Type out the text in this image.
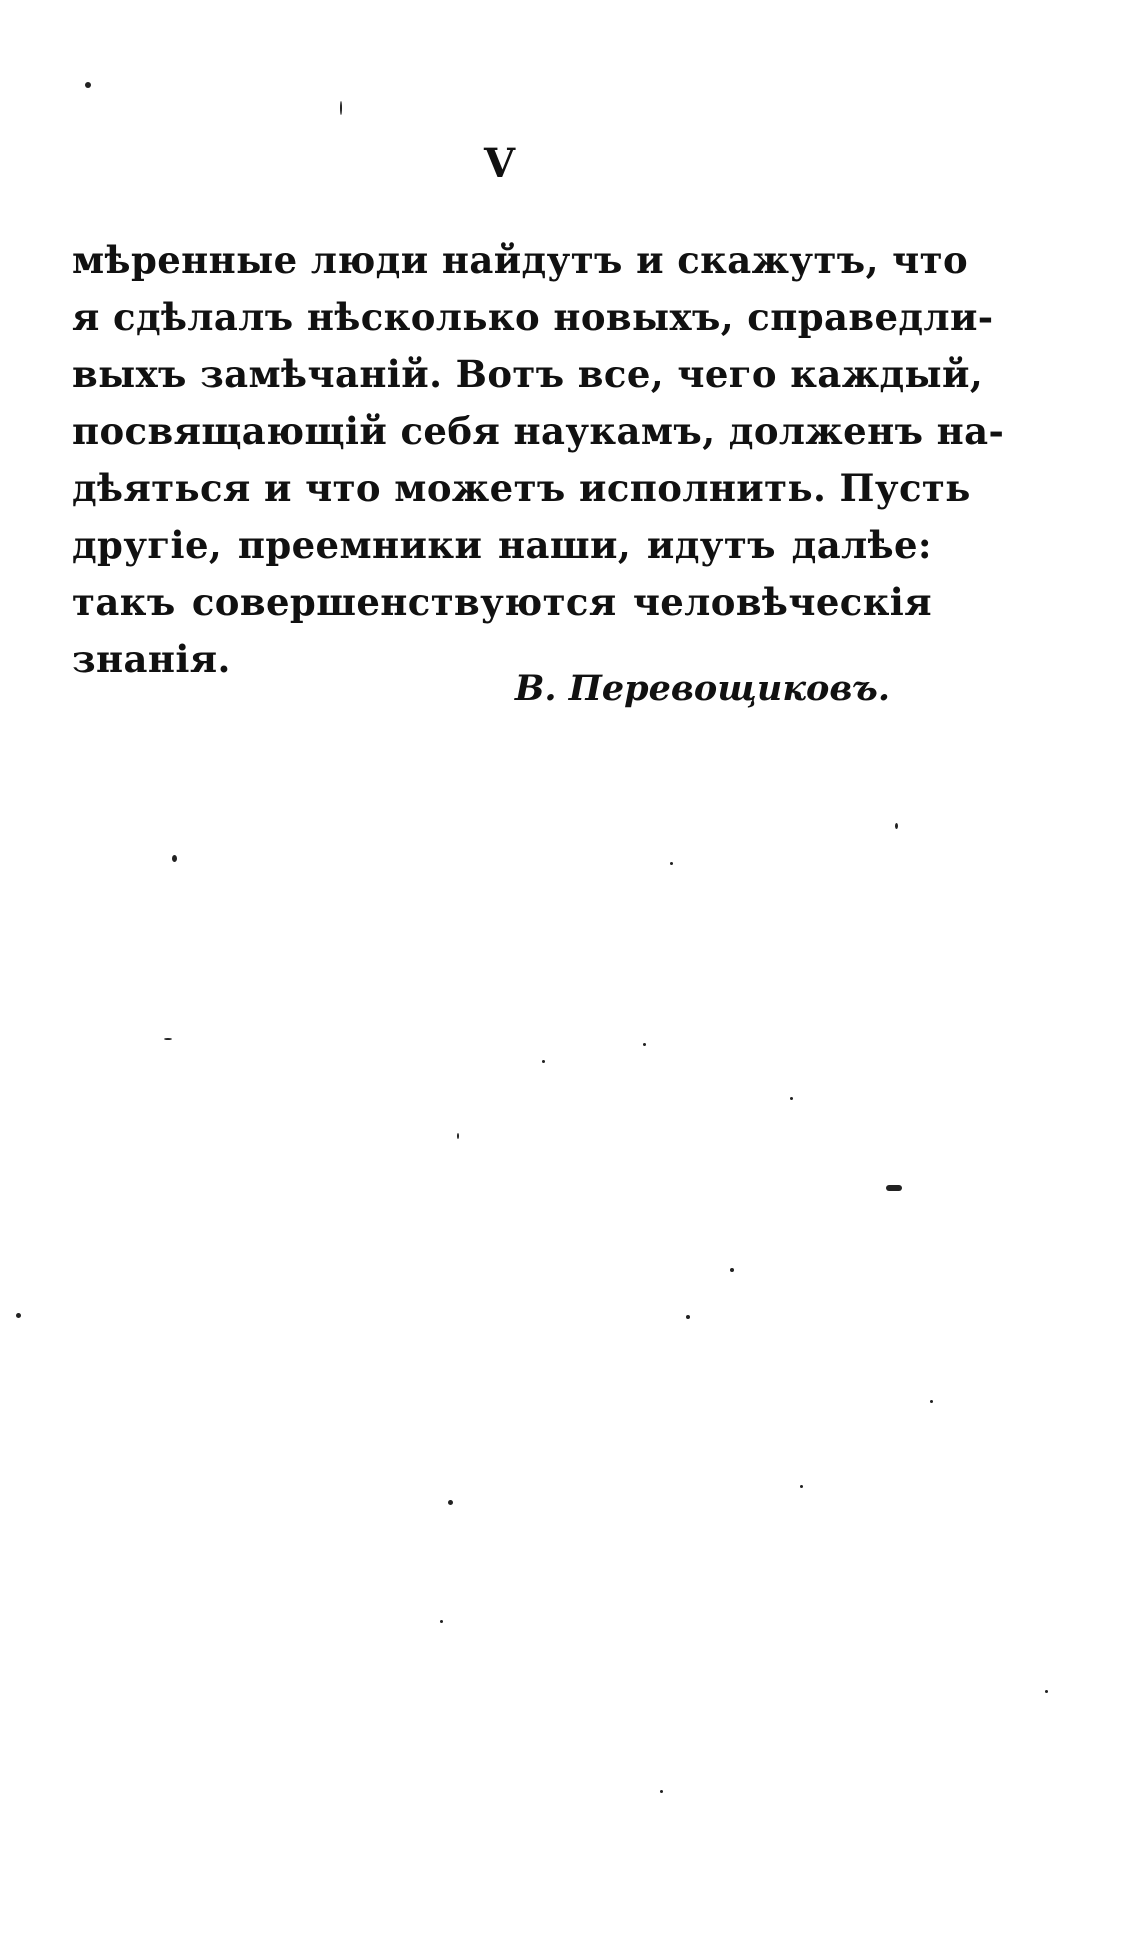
V
мѣренные люди найдутъ и скажутъ, что
я сдѣлалъ нѣсколько новыхъ, справедли-
выхъ замѣчаній. Вотъ все, чего каждый,
посвящающій себя наукамъ, долженъ на-
дѣяться и что можетъ исполнить. Пусть
другіе, преемники наши, идутъ далѣе:
такъ совершенствуются человѣческія
знанія.
В. Перевощиковъ.
